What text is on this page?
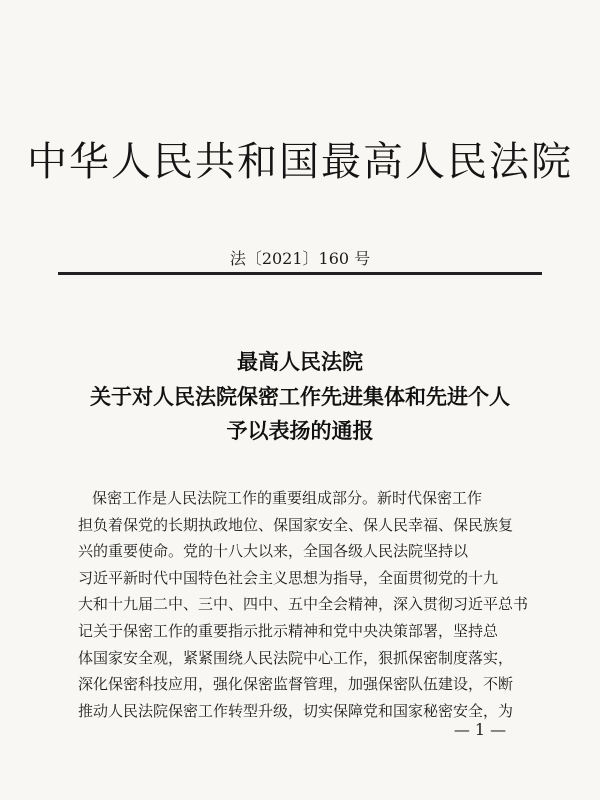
中华人民共和国最高人民法院
法〔2021〕160 号
最高人民法院
关于对人民法院保密工作先进集体和先进个人
予以表扬的通报
保密工作是人民法院工作的重要组成部分。新时代保密工作
担负着保党的长期执政地位、保国家安全、保人民幸福、保民族复
兴的重要使命。党的十八大以来，全国各级人民法院坚持以
习近平新时代中国特色社会主义思想为指导，全面贯彻党的十九
大和十九届二中、三中、四中、五中全会精神，深入贯彻习近平总书
记关于保密工作的重要指示批示精神和党中央决策部署，坚持总
体国家安全观，紧紧围绕人民法院中心工作，狠抓保密制度落实，
深化保密科技应用，强化保密监督管理，加强保密队伍建设，不断
推动人民法院保密工作转型升级，切实保障党和国家秘密安全，为
— 1 —
